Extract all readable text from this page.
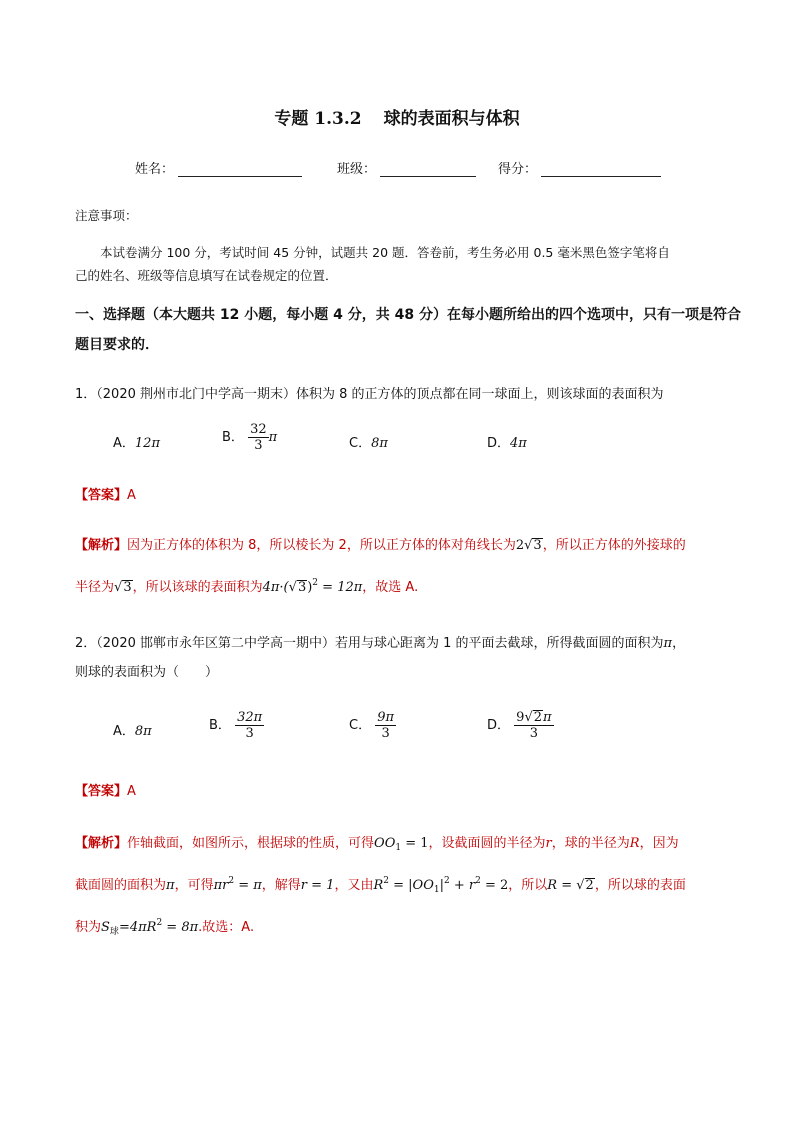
专题 1.3.2 球的表面积与体积
姓名：	班级：	得分：
注意事项：
本试卷满分 100 分，考试时间 45 分钟，试题共 20 题．答卷前，考生务必用 0.5 毫米黑色签字笔将自
己的姓名、班级等信息填写在试卷规定的位置．
一、选择题（本大题共 12 小题，每小题 4 分，共 48 分）在每小题所给出的四个选项中，只有一项是符合
题目要求的．
1．（2020 荆州市北门中学高一期末）体积为 8 的正方体的顶点都在同一球面上，则该球面的表面积为
A．12π	B． $\frac{32}{3}$ π	C．8π	D．4π
【答案】A
【解析】因为正方体的体积为 8，所以棱长为 2，所以正方体的体对角线长为2√3，所以正方体的外接球的
半径为√3，所以该球的表面积为$4\pi\cdot(√3)^2 = 12\pi$，故选 A.
2．（2020 邯郸市永年区第二中学高一期中）若用与球心距离为 1 的平面去截球，所得截面圆的面积为π，
则球的表面积为（　　）
A．8π	B． $\frac{32\pi}{3}$	C． $\frac{9\pi}{3}$	D． $\frac{9√2\pi}{3}$
【答案】A
【解析】作轴截面，如图所示，根据球的性质，可得$OO_1 = 1$，设截面圆的半径为r，球的半径为R，因为
截面圆的面积为π，可得$\pi r^2 = \pi$，解得r = 1，又由$R^2 = |OO_1|^2 + r^2 = 2$，所以R = √2，所以球的表面
积为$S_球=4\pi R^2 = 8\pi$.故选：A.
